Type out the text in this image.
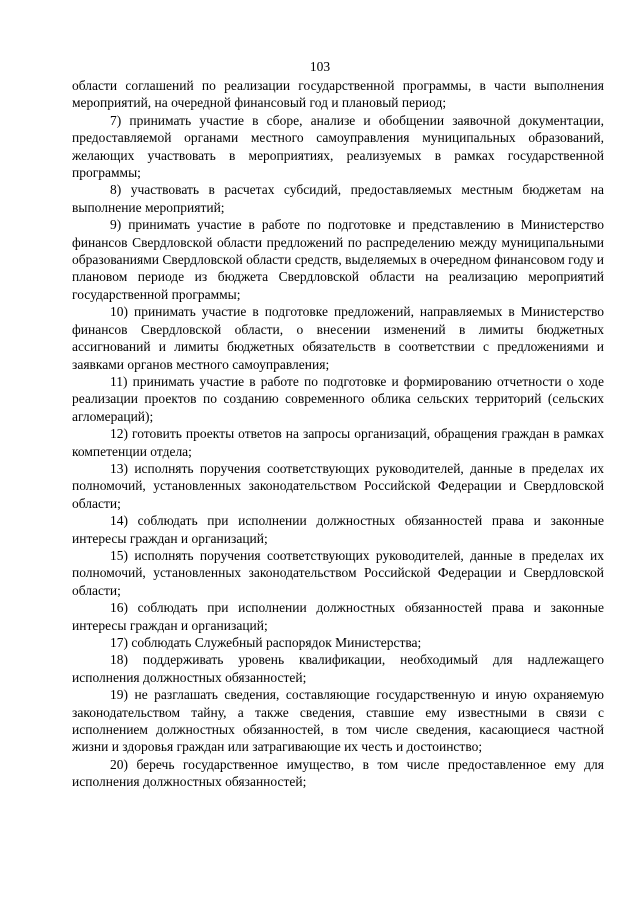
103

области соглашений по реализации государственной программы, в части выполнения мероприятий, на очередной финансовый год и плановый период;

7) принимать участие в сборе, анализе и обобщении заявочной документации, предоставляемой органами местного самоуправления муниципальных образований, желающих участвовать в мероприятиях, реализуемых в рамках государственной программы;

8) участвовать в расчетах субсидий, предоставляемых местным бюджетам на выполнение мероприятий;

9) принимать участие в работе по подготовке и представлению в Министерство финансов Свердловской области предложений по распределению между муниципальными образованиями Свердловской области средств, выделяемых в очередном финансовом году и плановом периоде из бюджета Свердловской области на реализацию мероприятий государственной программы;

10) принимать участие в подготовке предложений, направляемых в Министерство финансов Свердловской области, о внесении изменений в лимиты бюджетных ассигнований и лимиты бюджетных обязательств в соответствии с предложениями и заявками органов местного самоуправления;

11) принимать участие в работе по подготовке и формированию отчетности о ходе реализации проектов по созданию современного облика сельских территорий (сельских агломераций);

12) готовить проекты ответов на запросы организаций, обращения граждан в рамках компетенции отдела;

13) исполнять поручения соответствующих руководителей, данные в пределах их полномочий, установленных законодательством Российской Федерации и Свердловской области;

14) соблюдать при исполнении должностных обязанностей права и законные интересы граждан и организаций;

15) исполнять поручения соответствующих руководителей, данные в пределах их полномочий, установленных законодательством Российской Федерации и Свердловской области;

16) соблюдать при исполнении должностных обязанностей права и законные интересы граждан и организаций;

17) соблюдать Служебный распорядок Министерства;

18) поддерживать уровень квалификации, необходимый для надлежащего исполнения должностных обязанностей;

19) не разглашать сведения, составляющие государственную и иную охраняемую законодательством тайну, а также сведения, ставшие ему известными в связи с исполнением должностных обязанностей, в том числе сведения, касающиеся частной жизни и здоровья граждан или затрагивающие их честь и достоинство;

20) беречь государственное имущество, в том числе предоставленное ему для исполнения должностных обязанностей;
